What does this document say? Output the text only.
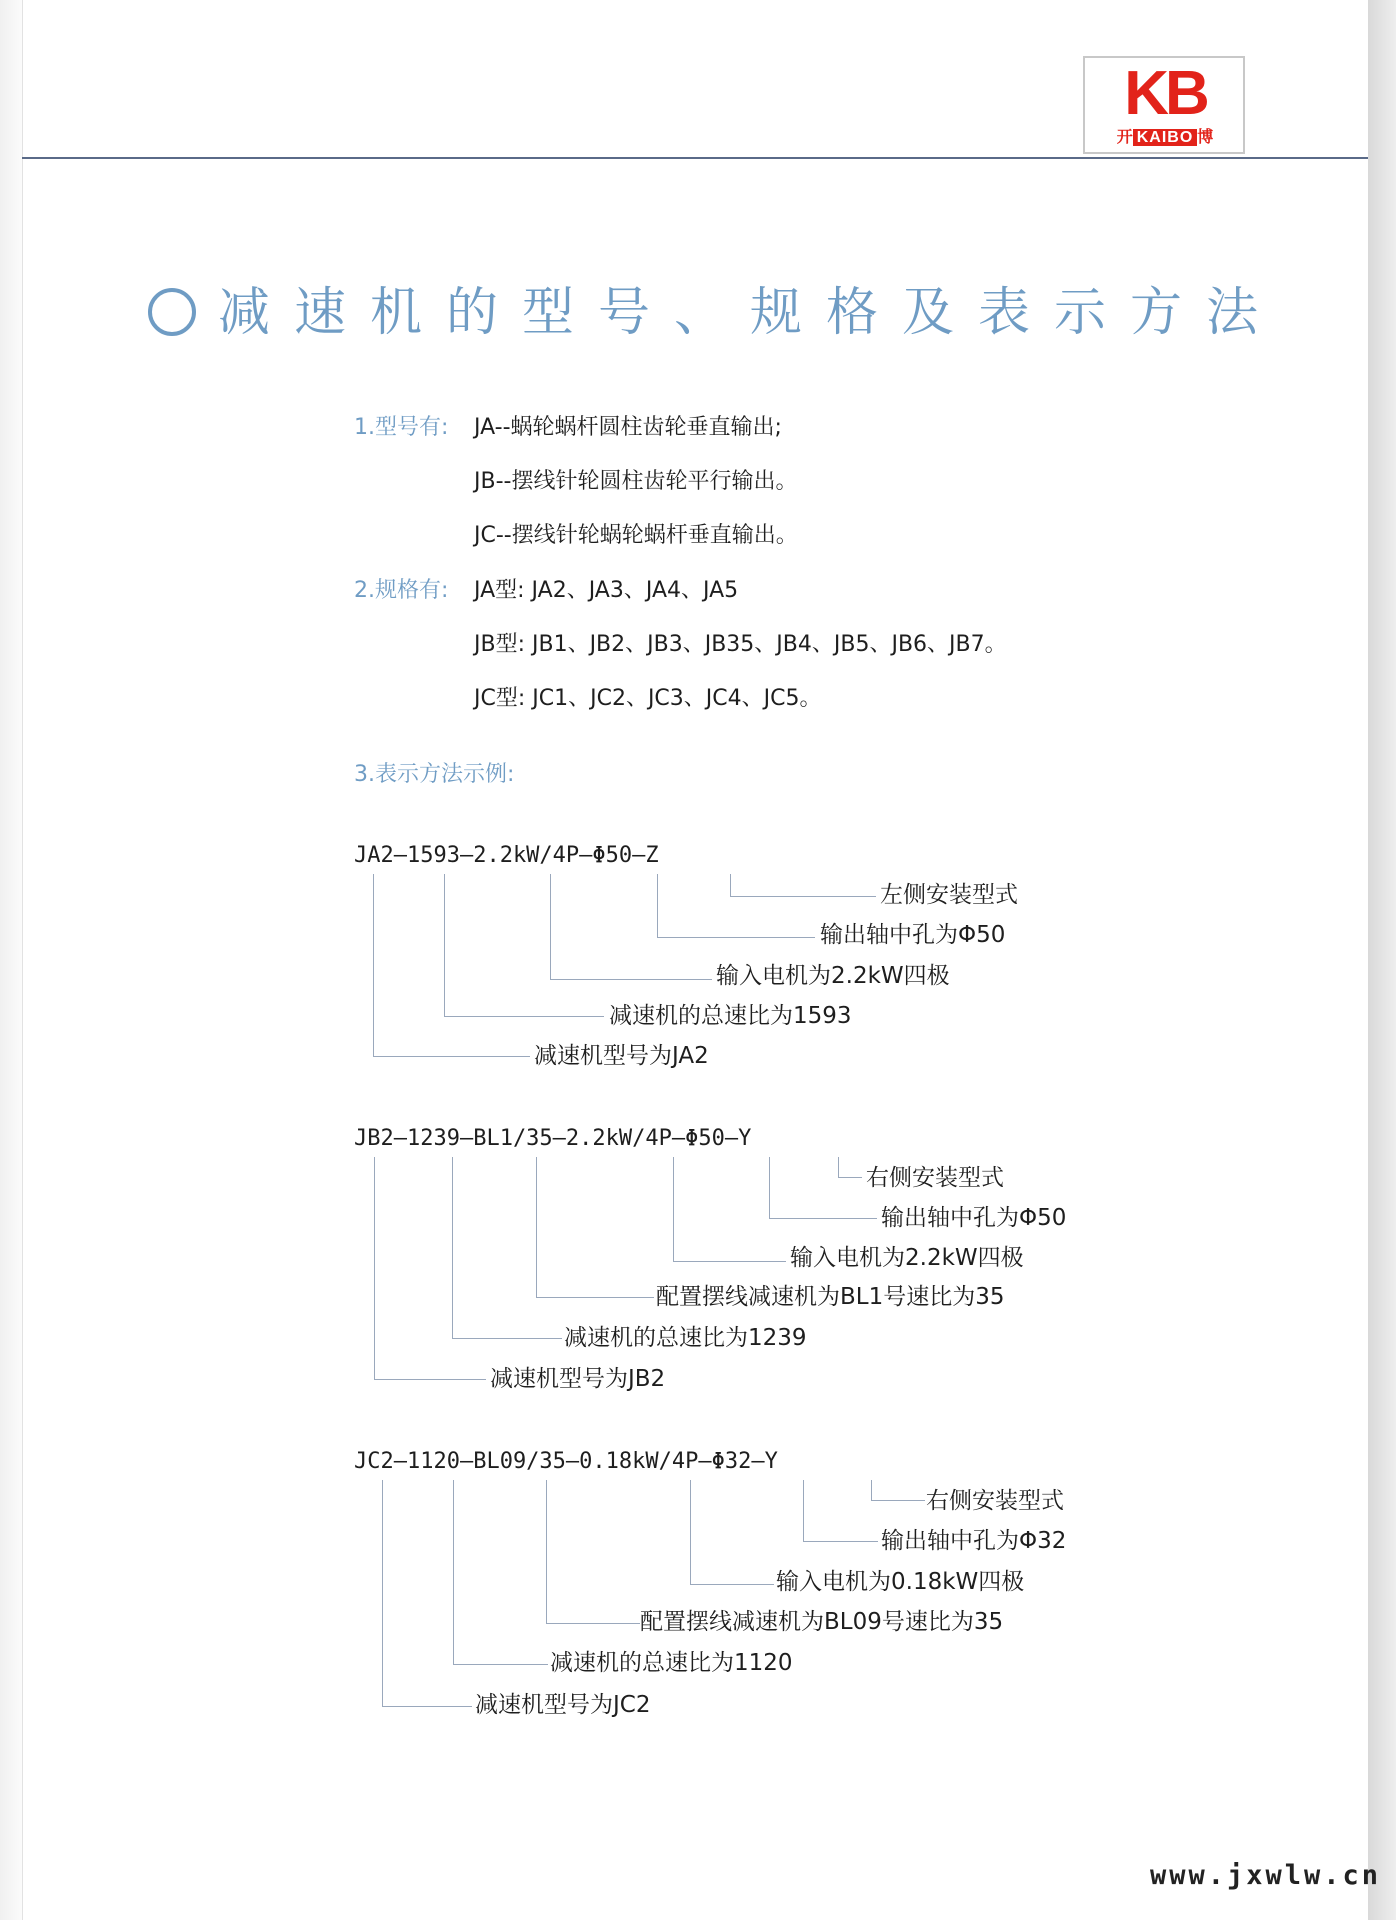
KB
开 KAIBO 博
减速机的型号、规格及表示方法
1.型号有: JA--蜗轮蜗杆圆柱齿轮垂直输出;
JB--摆线针轮圆柱齿轮平行输出。
JC--摆线针轮蜗轮蜗杆垂直输出。
2.规格有: JA型: JA2、JA3、JA4、JA5
JB型: JB1、JB2、JB3、JB35、JB4、JB5、JB6、JB7。
JC型: JC1、JC2、JC3、JC4、JC5。
3.表示方法示例:
JA2—1593—2.2kW/4P—Φ50—Z
左侧安装型式
输出轴中孔为Φ50
输入电机为2.2kW四极
减速机的总速比为1593
减速机型号为JA2
JB2—1239—BL1/35—2.2kW/4P—Φ50—Y
右侧安装型式
输出轴中孔为Φ50
输入电机为2.2kW四极
配置摆线减速机为BL1号速比为35
减速机的总速比为1239
减速机型号为JB2
JC2—1120—BL09/35—0.18kW/4P—Φ32—Y
右侧安装型式
输出轴中孔为Φ32
输入电机为0.18kW四极
配置摆线减速机为BL09号速比为35
减速机的总速比为1120
减速机型号为JC2
www.jxwlw.cn
